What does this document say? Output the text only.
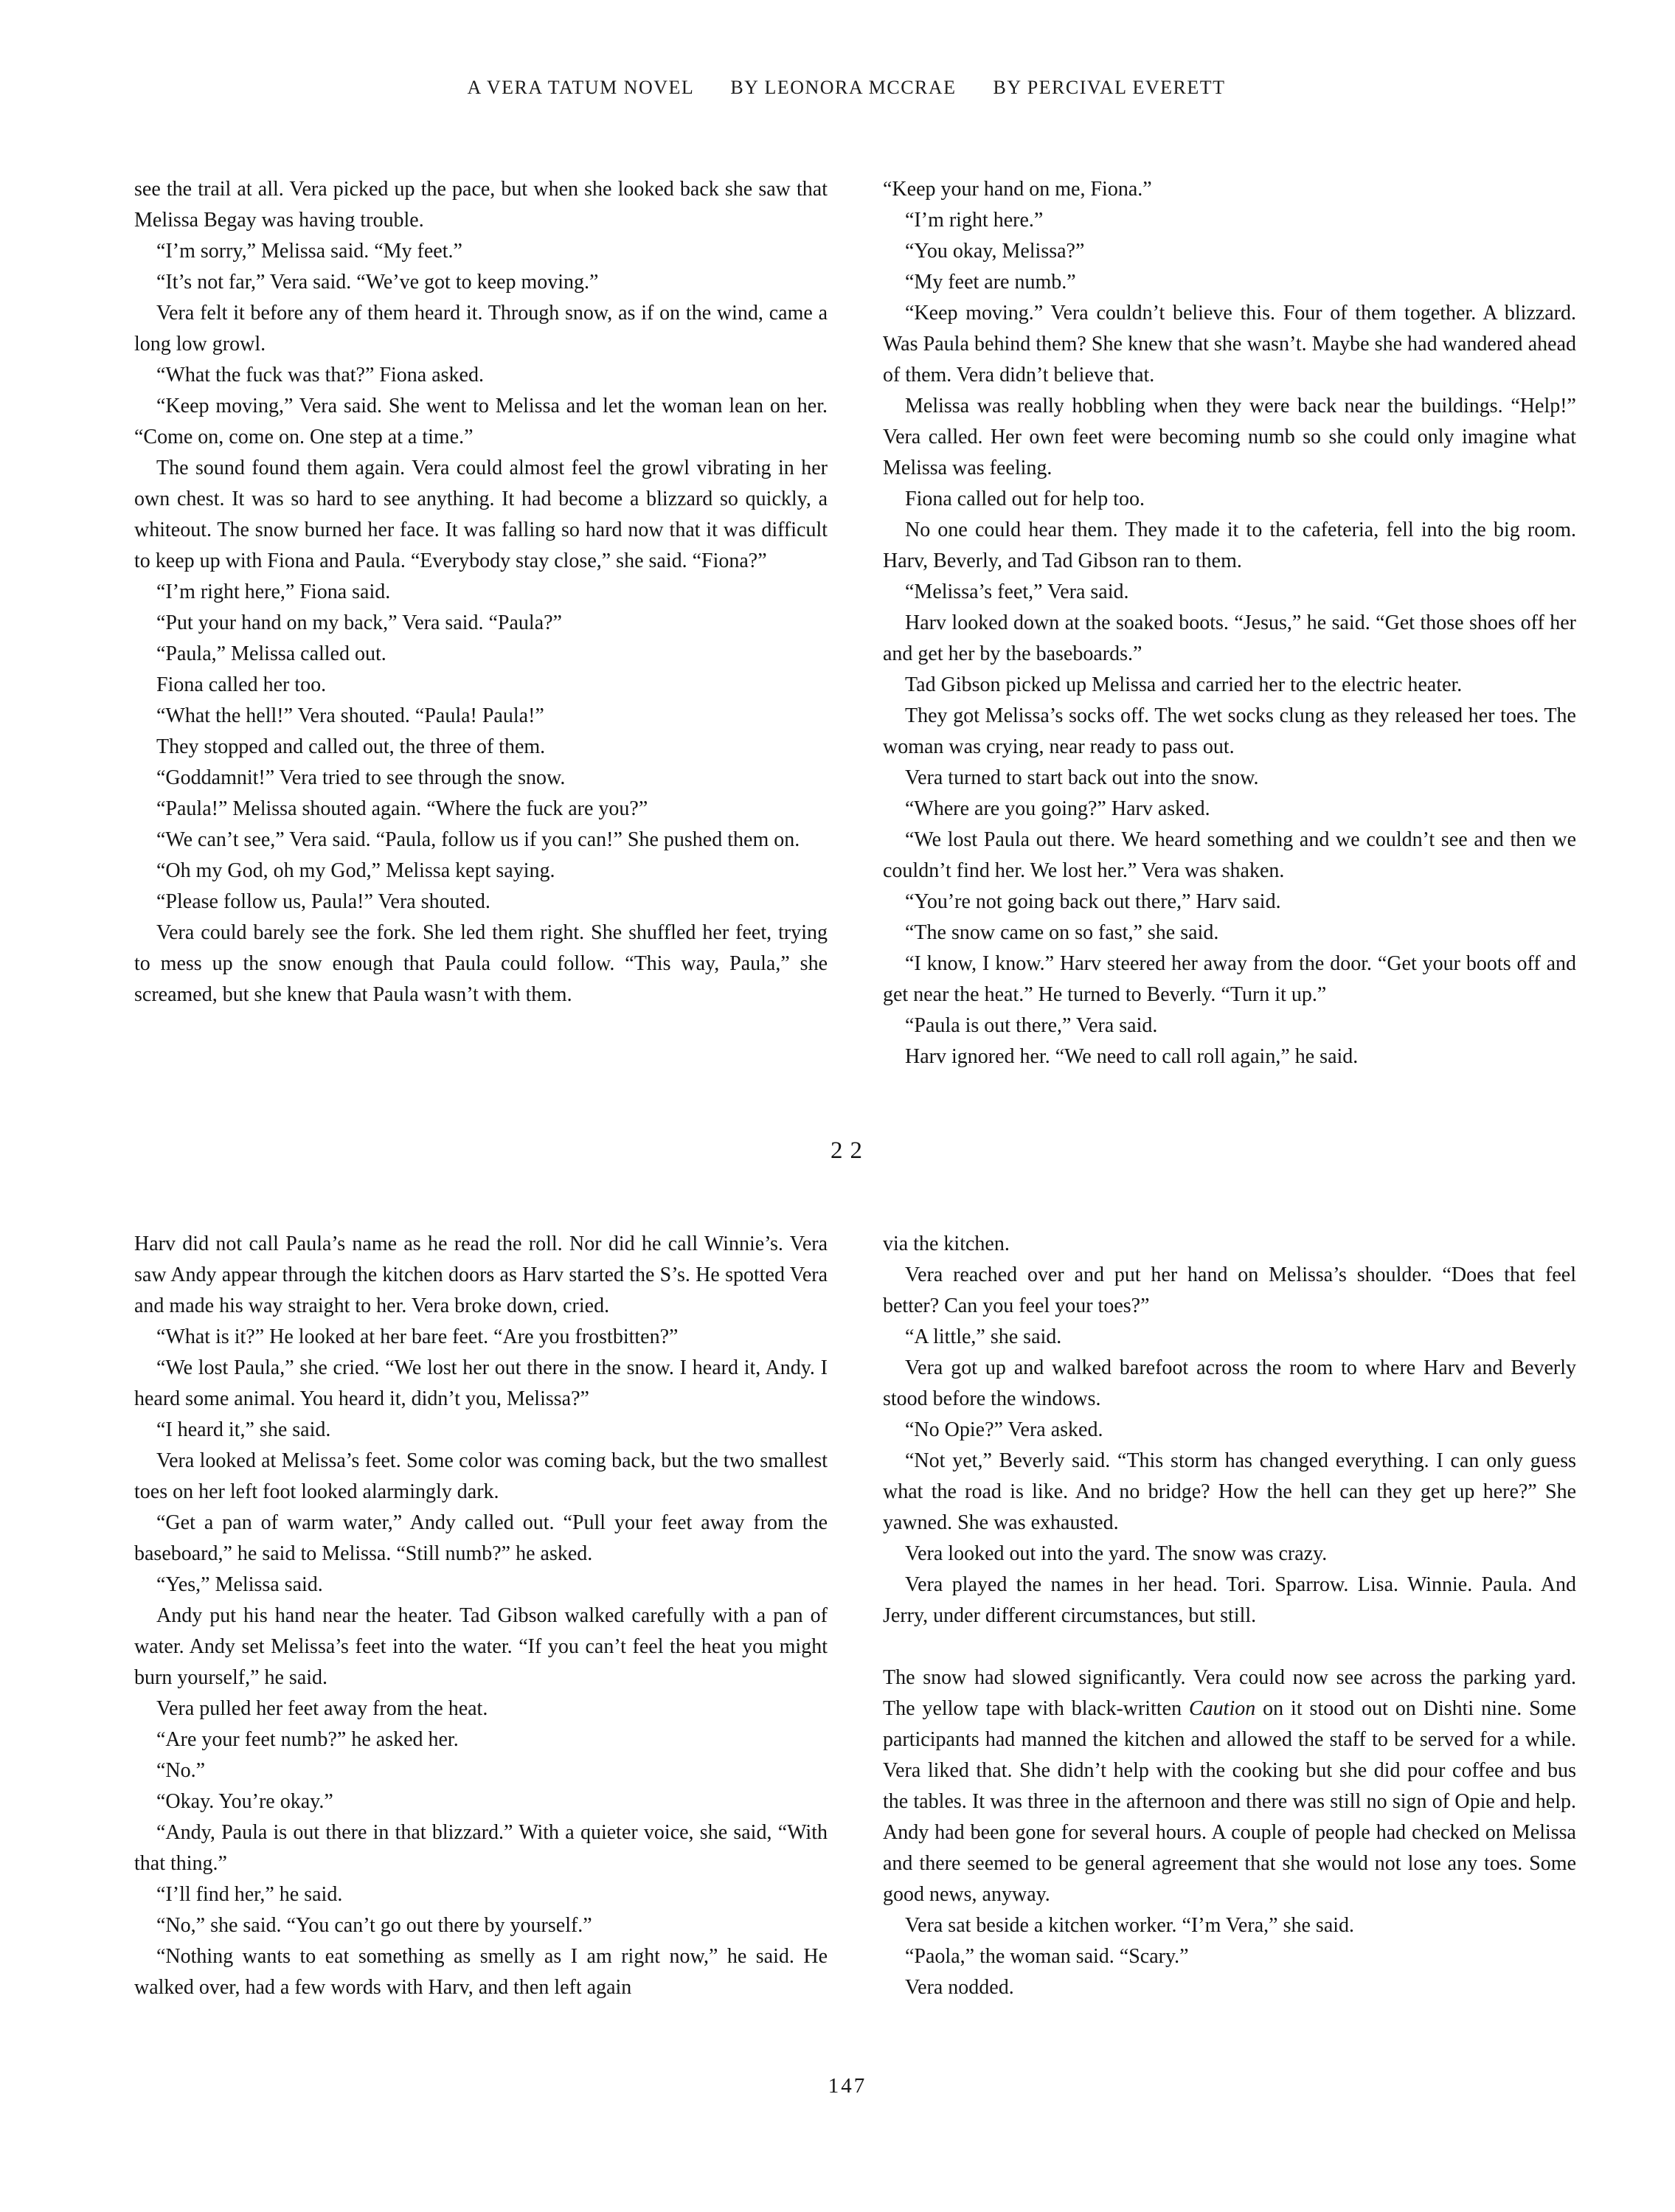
A VERA TATUM NOVEL BY LEONORA MCCRAE BY PERCIVAL EVERETT

see the trail at all. Vera picked up the pace, but when she looked back she saw that Melissa Begay was having trouble.

“I’m sorry,” Melissa said. “My feet.”

“It’s not far,” Vera said. “We’ve got to keep moving.”

Vera felt it before any of them heard it. Through snow, as if on the wind, came a long low growl.

“What the fuck was that?” Fiona asked.

“Keep moving,” Vera said. She went to Melissa and let the woman lean on her. “Come on, come on. One step at a time.”

The sound found them again. Vera could almost feel the growl vibrating in her own chest. It was so hard to see anything. It had become a blizzard so quickly, a whiteout. The snow burned her face. It was falling so hard now that it was difficult to keep up with Fiona and Paula. “Everybody stay close,” she said. “Fiona?”

“I’m right here,” Fiona said.

“Put your hand on my back,” Vera said. “Paula?”

“Paula,” Melissa called out.

Fiona called her too.

“What the hell!” Vera shouted. “Paula! Paula!”

They stopped and called out, the three of them.

“Goddamnit!” Vera tried to see through the snow.

“Paula!” Melissa shouted again. “Where the fuck are you?”

“We can’t see,” Vera said. “Paula, follow us if you can!” She pushed them on.

“Oh my God, oh my God,” Melissa kept saying.

“Please follow us, Paula!” Vera shouted.

Vera could barely see the fork. She led them right. She shuffled her feet, trying to mess up the snow enough that Paula could follow. “This way, Paula,” she screamed, but she knew that Paula wasn’t with them.

“Keep your hand on me, Fiona.”

“I’m right here.”

“You okay, Melissa?”

“My feet are numb.”

“Keep moving.” Vera couldn’t believe this. Four of them together. A blizzard. Was Paula behind them? She knew that she wasn’t. Maybe she had wandered ahead of them. Vera didn’t believe that.

Melissa was really hobbling when they were back near the buildings. “Help!” Vera called. Her own feet were becoming numb so she could only imagine what Melissa was feeling.

Fiona called out for help too.

No one could hear them. They made it to the cafeteria, fell into the big room. Harv, Beverly, and Tad Gibson ran to them.

“Melissa’s feet,” Vera said.

Harv looked down at the soaked boots. “Jesus,” he said. “Get those shoes off her and get her by the baseboards.”

Tad Gibson picked up Melissa and carried her to the electric heater.

They got Melissa’s socks off. The wet socks clung as they released her toes. The woman was crying, near ready to pass out.

Vera turned to start back out into the snow.

“Where are you going?” Harv asked.

“We lost Paula out there. We heard something and we couldn’t see and then we couldn’t find her. We lost her.” Vera was shaken.

“You’re not going back out there,” Harv said.

“The snow came on so fast,” she said.

“I know, I know.” Harv steered her away from the door. “Get your boots off and get near the heat.” He turned to Beverly. “Turn it up.”

“Paula is out there,” Vera said.

Harv ignored her. “We need to call roll again,” he said.

22

Harv did not call Paula’s name as he read the roll. Nor did he call Winnie’s. Vera saw Andy appear through the kitchen doors as Harv started the S’s. He spotted Vera and made his way straight to her. Vera broke down, cried.

“What is it?” He looked at her bare feet. “Are you frostbitten?”

“We lost Paula,” she cried. “We lost her out there in the snow. I heard it, Andy. I heard some animal. You heard it, didn’t you, Melissa?”

“I heard it,” she said.

Vera looked at Melissa’s feet. Some color was coming back, but the two smallest toes on her left foot looked alarmingly dark.

“Get a pan of warm water,” Andy called out. “Pull your feet away from the baseboard,” he said to Melissa. “Still numb?” he asked.

“Yes,” Melissa said.

Andy put his hand near the heater. Tad Gibson walked carefully with a pan of water. Andy set Melissa’s feet into the water. “If you can’t feel the heat you might burn yourself,” he said.

Vera pulled her feet away from the heat.

“Are your feet numb?” he asked her.

“No.”

“Okay. You’re okay.”

“Andy, Paula is out there in that blizzard.” With a quieter voice, she said, “With that thing.”

“I’ll find her,” he said.

“No,” she said. “You can’t go out there by yourself.”

“Nothing wants to eat something as smelly as I am right now,” he said. He walked over, had a few words with Harv, and then left again

via the kitchen.

Vera reached over and put her hand on Melissa’s shoulder. “Does that feel better? Can you feel your toes?”

“A little,” she said.

Vera got up and walked barefoot across the room to where Harv and Beverly stood before the windows.

“No Opie?” Vera asked.

“Not yet,” Beverly said. “This storm has changed everything. I can only guess what the road is like. And no bridge? How the hell can they get up here?” She yawned. She was exhausted.

Vera looked out into the yard. The snow was crazy.

Vera played the names in her head. Tori. Sparrow. Lisa. Winnie. Paula. And Jerry, under different circumstances, but still.

The snow had slowed significantly. Vera could now see across the parking yard. The yellow tape with black-written Caution on it stood out on Dishti nine. Some participants had manned the kitchen and allowed the staff to be served for a while. Vera liked that. She didn’t help with the cooking but she did pour coffee and bus the tables. It was three in the afternoon and there was still no sign of Opie and help. Andy had been gone for several hours. A couple of people had checked on Melissa and there seemed to be general agreement that she would not lose any toes. Some good news, anyway.

Vera sat beside a kitchen worker. “I’m Vera,” she said.

“Paola,” the woman said. “Scary.”

Vera nodded.

147
